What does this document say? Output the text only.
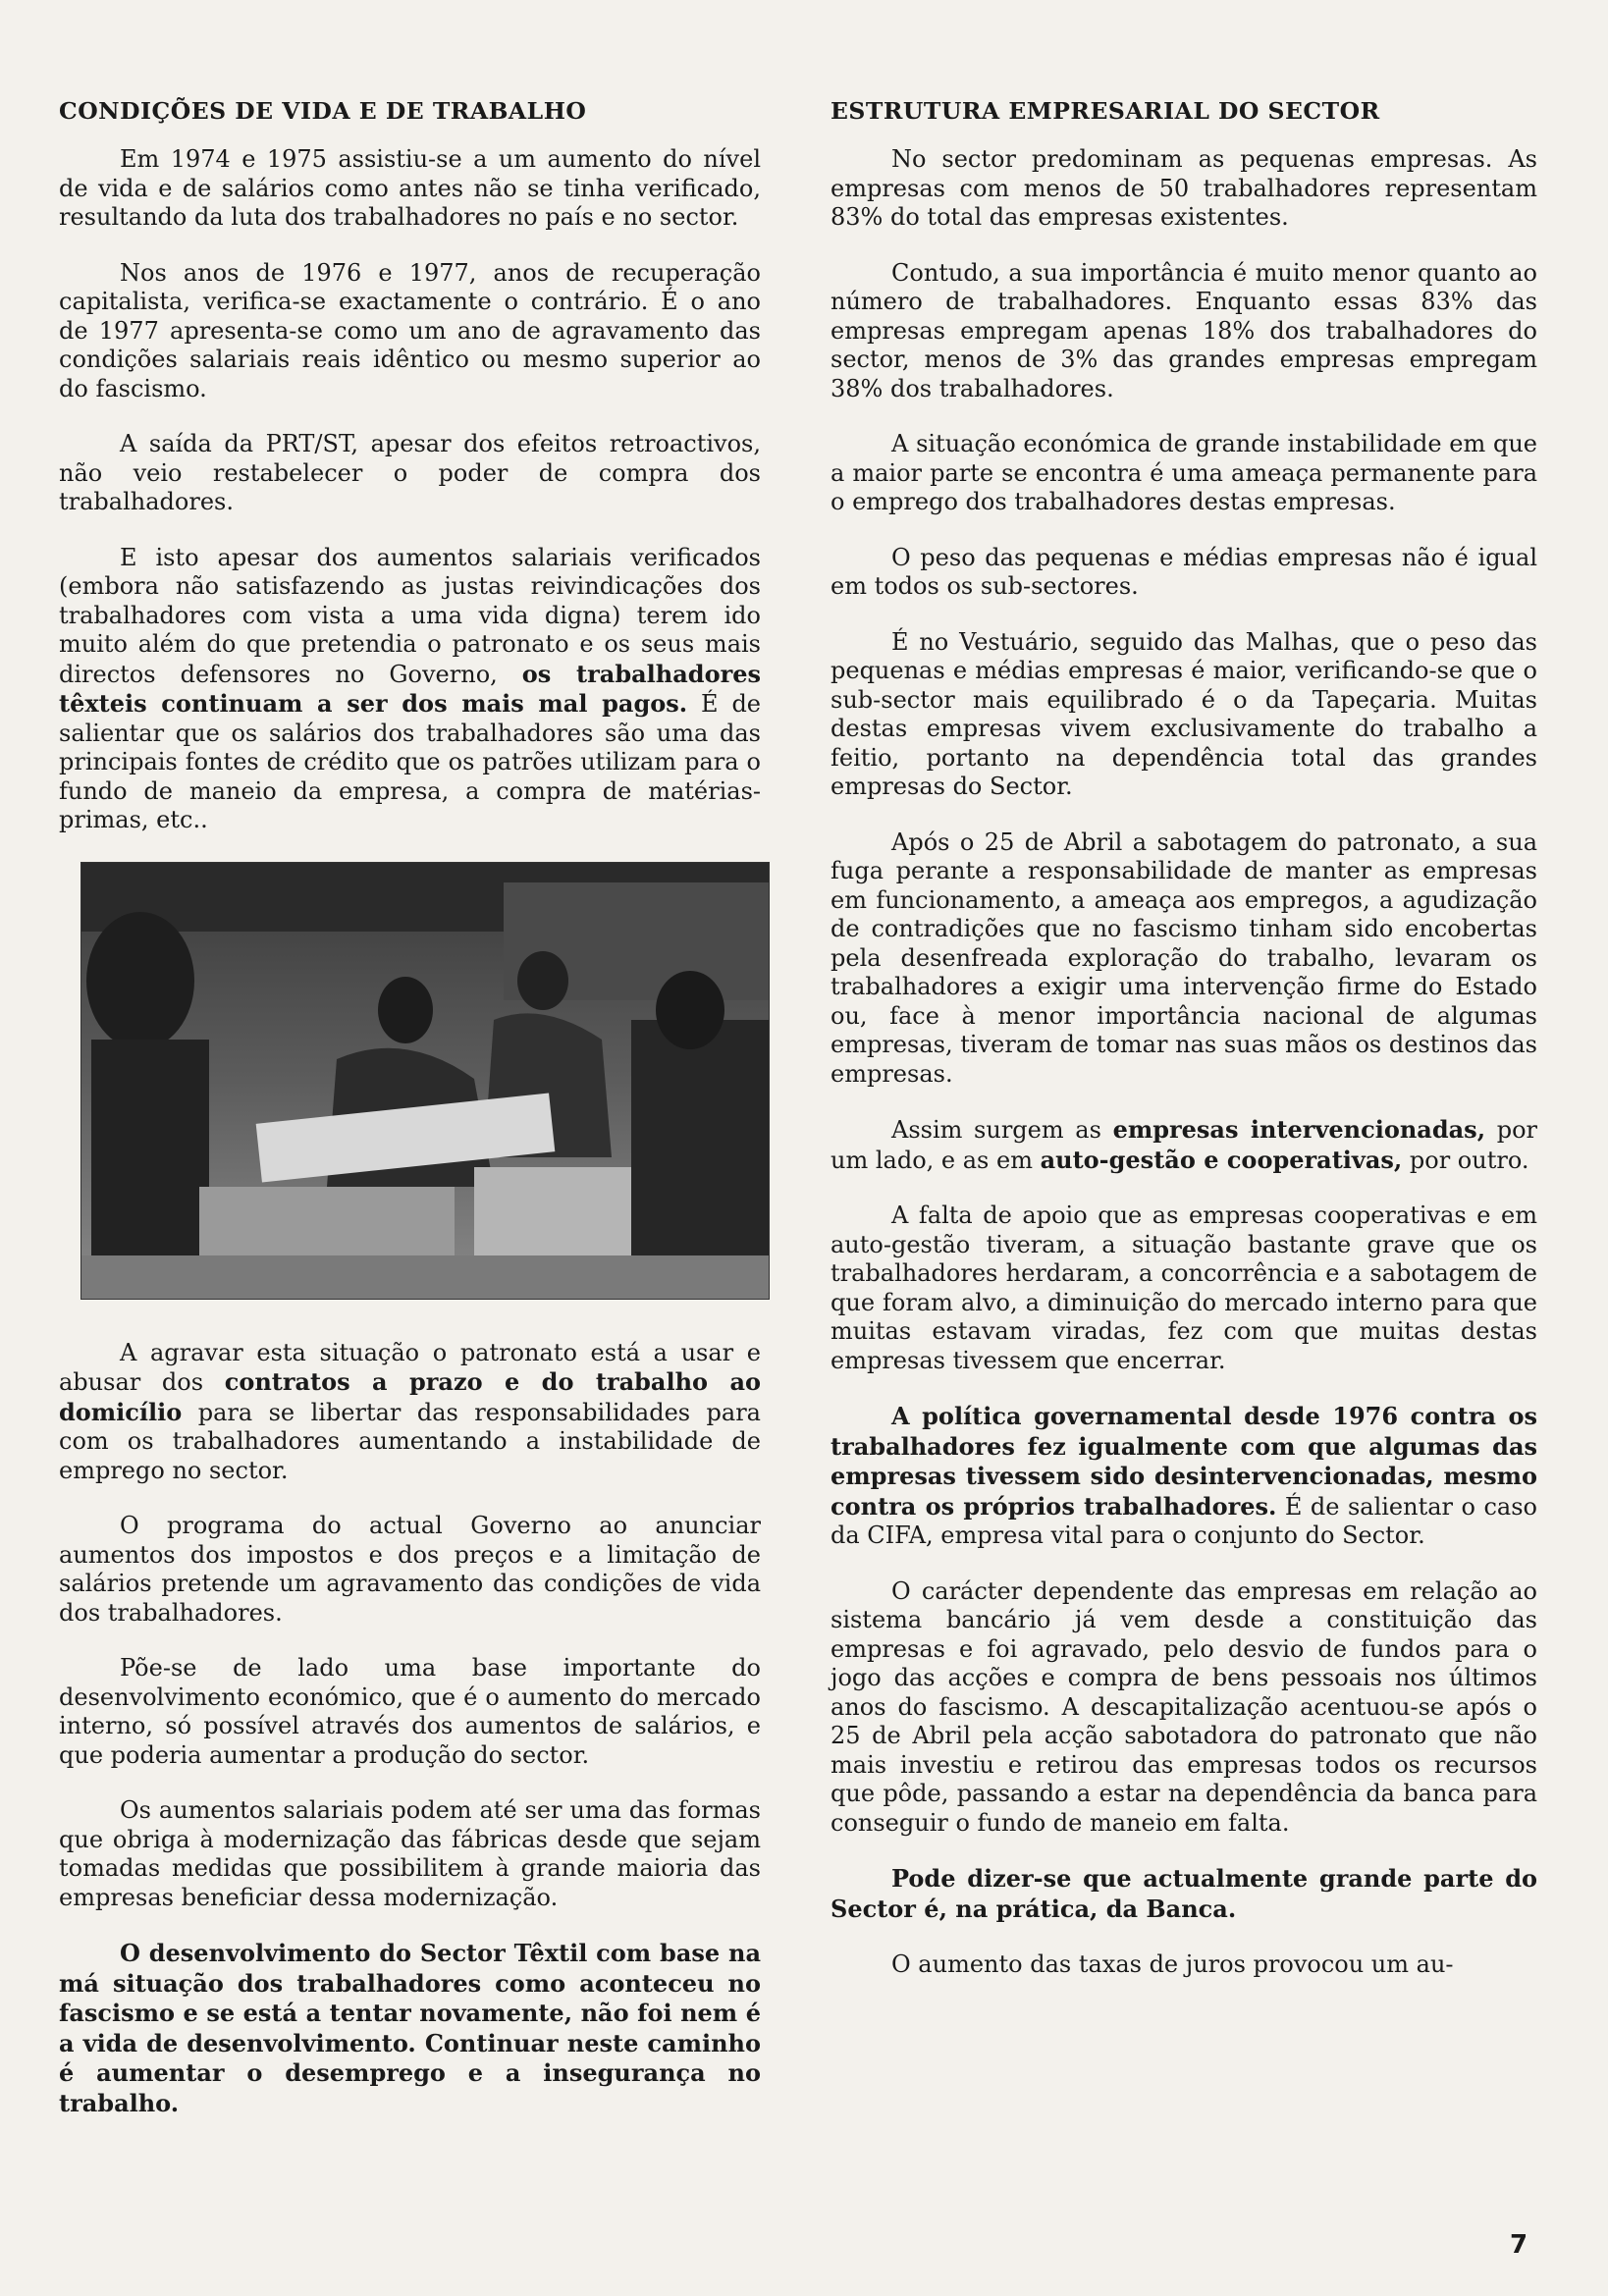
CONDIÇÕES DE VIDA E DE TRABALHO

Em 1974 e 1975 assistiu-se a um aumento do nível de vida e de salários como antes não se tinha verificado, resultando da luta dos trabalhadores no país e no sector.

Nos anos de 1976 e 1977, anos de recuperação capitalista, verifica-se exactamente o contrário. É o ano de 1977 apresenta-se como um ano de agravamento das condições salariais reais idêntico ou mesmo superior ao do fascismo.

A saída da PRT/ST, apesar dos efeitos retroactivos, não veio restabelecer o poder de compra dos trabalhadores.

E isto apesar dos aumentos salariais verificados (embora não satisfazendo as justas reivindicações dos trabalhadores com vista a uma vida digna) terem ido muito além do que pretendia o patronato e os seus mais directos defensores no Governo, os trabalhadores têxteis continuam a ser dos mais mal pagos. É de salientar que os salários dos trabalhadores são uma das principais fontes de crédito que os patrões utilizam para o fundo de maneio da empresa, a compra de matérias-primas, etc..

A agravar esta situação o patronato está a usar e abusar dos contratos a prazo e do trabalho ao domicílio para se libertar das responsabilidades para com os trabalhadores aumentando a instabilidade de emprego no sector.

O programa do actual Governo ao anunciar aumentos dos impostos e dos preços e a limitação de salários pretende um agravamento das condições de vida dos trabalhadores.

Põe-se de lado uma base importante do desenvolvimento económico, que é o aumento do mercado interno, só possível através dos aumentos de salários, e que poderia aumentar a produção do sector.

Os aumentos salariais podem até ser uma das formas que obriga à modernização das fábricas desde que sejam tomadas medidas que possibilitem à grande maioria das empresas beneficiar dessa modernização.

O desenvolvimento do Sector Têxtil com base na má situação dos trabalhadores como aconteceu no fascismo e se está a tentar novamente, não foi nem é a vida de desenvolvimento. Continuar neste caminho é aumentar o desemprego e a insegurança no trabalho.

ESTRUTURA EMPRESARIAL DO SECTOR

No sector predominam as pequenas empresas. As empresas com menos de 50 trabalhadores representam 83% do total das empresas existentes.

Contudo, a sua importância é muito menor quanto ao número de trabalhadores. Enquanto essas 83% das empresas empregam apenas 18% dos trabalhadores do sector, menos de 3% das grandes empresas empregam 38% dos trabalhadores.

A situação económica de grande instabilidade em que a maior parte se encontra é uma ameaça permanente para o emprego dos trabalhadores destas empresas.

O peso das pequenas e médias empresas não é igual em todos os sub-sectores.

É no Vestuário, seguido das Malhas, que o peso das pequenas e médias empresas é maior, verificando-se que o sub-sector mais equilibrado é o da Tapeçaria. Muitas destas empresas vivem exclusivamente do trabalho a feitio, portanto na dependência total das grandes empresas do Sector.

Após o 25 de Abril a sabotagem do patronato, a sua fuga perante a responsabilidade de manter as empresas em funcionamento, a ameaça aos empregos, a agudização de contradições que no fascismo tinham sido encobertas pela desenfreada exploração do trabalho, levaram os trabalhadores a exigir uma intervenção firme do Estado ou, face à menor importância nacional de algumas empresas, tiveram de tomar nas suas mãos os destinos das empresas.

Assim surgem as empresas intervencionadas, por um lado, e as em auto-gestão e cooperativas, por outro.

A falta de apoio que as empresas cooperativas e em auto-gestão tiveram, a situação bastante grave que os trabalhadores herdaram, a concorrência e a sabotagem de que foram alvo, a diminuição do mercado interno para que muitas estavam viradas, fez com que muitas destas empresas tivessem que encerrar.

A política governamental desde 1976 contra os trabalhadores fez igualmente com que algumas das empresas tivessem sido desintervencionadas, mesmo contra os próprios trabalhadores. É de salientar o caso da CIFA, empresa vital para o conjunto do Sector.

O carácter dependente das empresas em relação ao sistema bancário já vem desde a constituição das empresas e foi agravado, pelo desvio de fundos para o jogo das acções e compra de bens pessoais nos últimos anos do fascismo. A descapitalização acentuou-se após o 25 de Abril pela acção sabotadora do patronato que não mais investiu e retirou das empresas todos os recursos que pôde, passando a estar na dependência da banca para conseguir o fundo de maneio em falta.

Pode dizer-se que actualmente grande parte do Sector é, na prática, da Banca.

O aumento das taxas de juros provocou um au-

7
